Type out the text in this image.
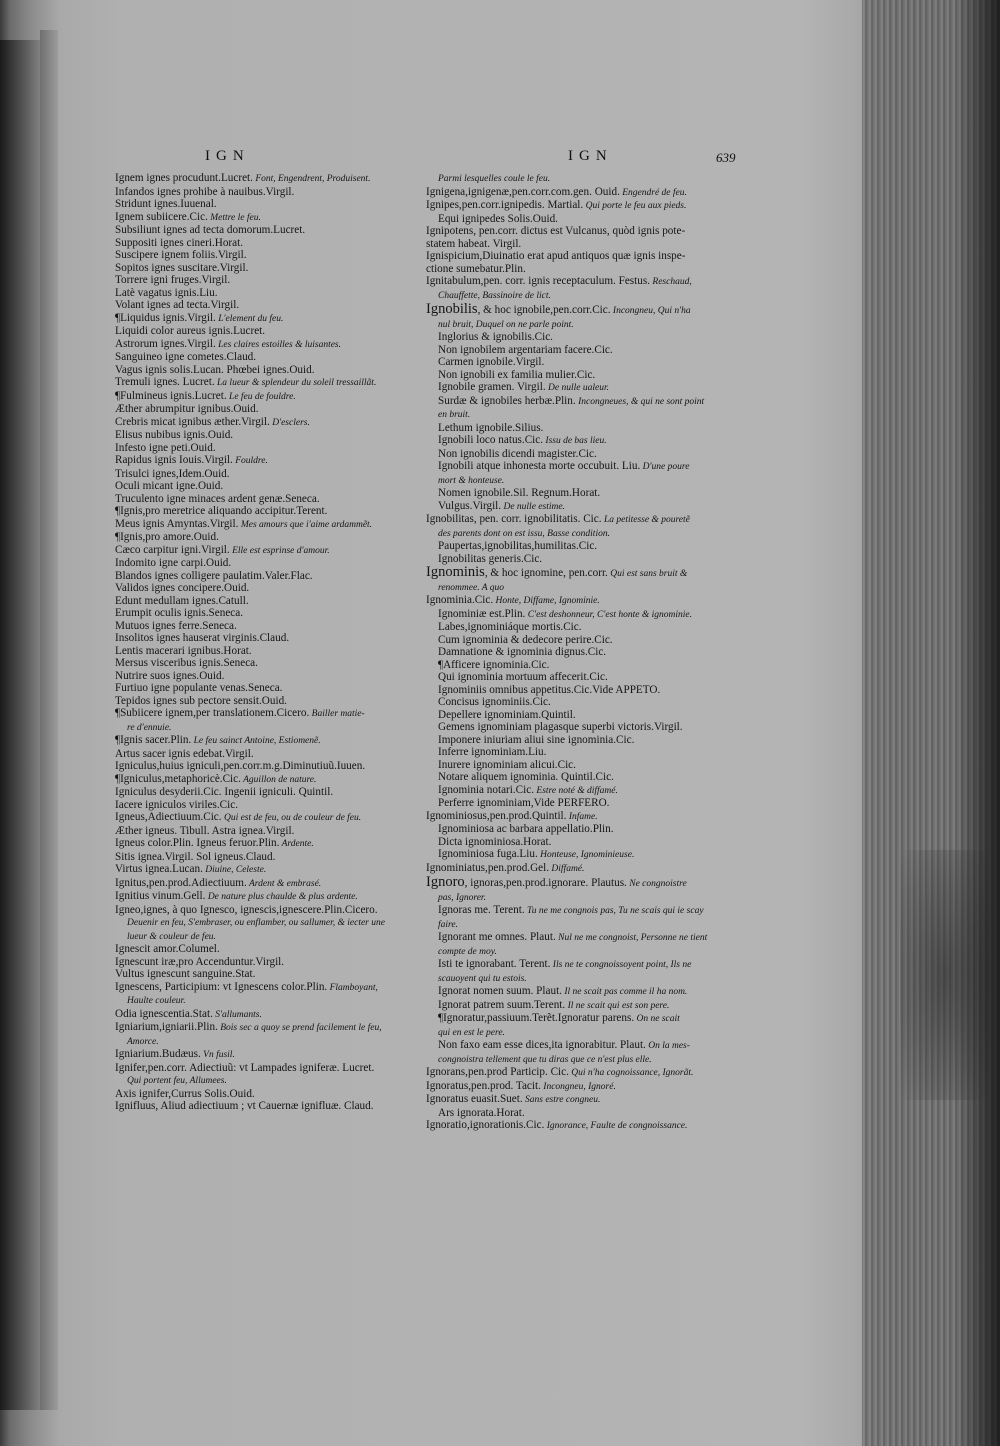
IGN	IGN	639

Ignem ignes procudunt.Lucret. Font, Engendrent, Produisent.

Infandos ignes prohibe à nauibus.Virgil.

Stridunt ignes.Iuuenal.

Ignem subiicere.Cic. Mettre le feu.

Subsiliunt ignes ad tecta domorum.Lucret.

Suppositi ignes cineri.Horat.

Suscipere ignem foliis.Virgil.

Sopitos ignes suscitare.Virgil.

Torrere igni fruges.Virgil.

Latè vagatus ignis.Liu.

Volant ignes ad tecta.Virgil.

¶Liquidus ignis.Virgil. L'element du feu.

Liquidi color aureus ignis.Lucret.

Astrorum ignes.Virgil. Les claires estoilles & luisantes.

Sanguineo igne cometes.Claud.

Vagus ignis solis.Lucan. Phœbei ignes.Ouid.

Tremuli ignes. Lucret. La lueur & splendeur du soleil tressaillãt.

¶Fulmineus ignis.Lucret. Le feu de fouldre.

Æther abrumpitur ignibus.Ouid.

Crebris micat ignibus æther.Virgil. D'esclers.

Elisus nubibus ignis.Ouid.

Infesto igne peti.Ouid.

Rapidus ignis Iouis.Virgil. Fouldre.

Trisulci ignes,Idem.Ouid.

Oculi micant igne.Ouid.

Truculento igne minaces ardent genæ.Seneca.

¶Ignis,pro meretrice aliquando accipitur.Terent.

Meus ignis Amyntas.Virgil. Mes amours que i'aime ardammẽt.

¶Ignis,pro amore.Ouid.

Cæco carpitur igni.Virgil. Elle est esprinse d'amour.

Indomito igne carpi.Ouid.

Blandos ignes colligere paulatim.Valer.Flac.

Validos ignes concipere.Ouid.

Edunt medullam ignes.Catull.

Erumpit oculis ignis.Seneca.

Mutuos ignes ferre.Seneca.

Insolitos ignes hauserat virginis.Claud.

Lentis macerari ignibus.Horat.

Mersus visceribus ignis.Seneca.

Nutrire suos ignes.Ouid.

Furtiuo igne populante venas.Seneca.

Tepidos ignes sub pectore sensit.Ouid.

¶Subiicere ignem,per translationem.Cicero. Bailler matie-

re d'ennuie.

¶Ignis sacer.Plin. Le feu sainct Antoine, Estiomenẽ.

Artus sacer ignis edebat.Virgil.

Igniculus,huius igniculi,pen.corr.m.g.Diminutiuũ.Iuuen.

¶Igniculus,metaphoricè.Cic. Aguillon de nature.

Igniculus desyderii.Cic. Ingenii igniculi. Quintil.

Iacere igniculos viriles.Cic.

Igneus,Adiectiuum.Cic. Qui est de feu, ou de couleur de feu.

Æther igneus. Tibull. Astra ignea.Virgil.

Igneus color.Plin. Igneus feruor.Plin. Ardente.

Sitis ignea.Virgil. Sol igneus.Claud.

Virtus ignea.Lucan. Diuine, Celeste.

Ignitus,pen.prod.Adiectiuum. Ardent & embrasé.

Ignitius vinum.Gell. De nature plus chaulde & plus ardente.

Igneo,ignes, à quo Ignesco, ignescis,ignescere.Plin.Cicero.

Deuenir en feu, S'embraser, ou enflamber, ou sallumer, & iecter une

lueur & couleur de feu.

Ignescit amor.Columel.

Ignescunt iræ,pro Accenduntur.Virgil.

Vultus ignescunt sanguine.Stat.

Ignescens, Participium: vt Ignescens color.Plin. Flamboyant,

Haulte couleur.

Odia ignescentia.Stat. S'allumants.

Igniarium,igniarii.Plin. Bois sec a quoy se prend facilement le feu,

Amorce.

Igniarium.Budæus. Vn fusil.

Ignifer,pen.corr. Adiectiuũ: vt Lampades igniferæ. Lucret.

Qui portent feu, Allumees.

Axis ignifer,Currus Solis.Ouid.

Ignifluus, Aliud adiectiuum ; vt Cauernæ ignifluæ. Claud.

Parmi lesquelles coule le feu.

Ignigena,ignigenæ,pen.corr.com.gen. Ouid. Engendré de feu.

Ignipes,pen.corr.ignipedis. Martial. Qui porte le feu aux pieds.

Equi ignipedes Solis.Ouid.

Ignipotens, pen.corr. dictus est Vulcanus, quòd ignis pote-

statem habeat. Virgil.

Ignispicium,Diuinatio erat apud antiquos quæ ignis inspe-

ctione sumebatur.Plin.

Ignitabulum,pen. corr. ignis receptaculum. Festus. Reschaud,

Chauffette, Bassinoire de lict.

Ignobilis, & hoc ignobile,pen.corr.Cic. Incongneu, Qui n'ha

nul bruit, Duquel on ne parle point.

Inglorius & ignobilis.Cic.

Non ignobilem argentariam facere.Cic.

Carmen ignobile.Virgil.

Non ignobili ex familia mulier.Cic.

Ignobile gramen. Virgil. De nulle ualeur.

Surdæ & ignobiles herbæ.Plin. Incongneues, & qui ne sont point

en bruit.

Lethum ignobile.Silius.

Ignobili loco natus.Cic. Issu de bas lieu.

Non ignobilis dicendi magister.Cic.

Ignobili atque inhonesta morte occubuit. Liu. D'une poure

mort & honteuse.

Nomen ignobile.Sil. Regnum.Horat.

Vulgus.Virgil. De nulle estime.

Ignobilitas, pen. corr. ignobilitatis. Cic. La petitesse & pouretẽ

des parents dont on est issu, Basse condition.

Paupertas,ignobilitas,humilitas.Cic.

Ignobilitas generis.Cic.

Ignominis, & hoc ignomine, pen.corr. Qui est sans bruit &

renommee. A quo

Ignominia.Cic. Honte, Diffame, Ignominie.

Ignominiæ est.Plin. C'est deshonneur, C'est honte & ignominie.

Labes,ignominiáque mortis.Cic.

Cum ignominia & dedecore perire.Cic.

Damnatione & ignominia dignus.Cic.

¶Afficere ignominia.Cic.

Qui ignominia mortuum affecerit.Cic.

Ignominiis omnibus appetitus.Cic.Vide APPETO.

Concisus ignominiis.Cic.

Depellere ignominiam.Quintil.

Gemens ignominiam plagasque superbi victoris.Virgil.

Imponere iniuriam aliui sine ignominia.Cic.

Inferre ignominiam.Liu.

Inurere ignominiam alicui.Cic.

Notare aliquem ignominia. Quintil.Cic.

Ignominia notari.Cic. Estre noté & diffamé.

Perferre ignominiam,Vide PERFERO.

Ignominiosus,pen.prod.Quintil. Infame.

Ignominiosa ac barbara appellatio.Plin.

Dicta ignominiosa.Horat.

Ignominiosa fuga.Liu. Honteuse, Ignominieuse.

Ignominiatus,pen.prod.Gel. Diffamé.

Ignoro, ignoras,pen.prod.ignorare. Plautus. Ne congnoistre

pas, Ignorer.

Ignoras me. Terent. Tu ne me congnois pas, Tu ne scais qui ie scay

faire.

Ignorant me omnes. Plaut. Nul ne me congnoist, Personne ne tient

compte de moy.

Isti te ignorabant. Terent. Ils ne te congnoissoyent point, Ils ne

scauoyent qui tu estois.

Ignorat nomen suum. Plaut. Il ne scait pas comme il ha nom.

Ignorat patrem suum.Terent. Il ne scait qui est son pere.

¶Ignoratur,passiuum.Terẽt.Ignoratur parens. On ne scait

qui en est le pere.

Non faxo eam esse dices,ita ignorabitur. Plaut. On la mes-

congnoistra tellement que tu diras que ce n'est plus elle.

Ignorans,pen.prod Particip. Cic. Qui n'ha cognoissance, Ignorãt.

Ignoratus,pen.prod. Tacit. Incongneu, Ignoré.

Ignoratus euasit.Suet. Sans estre congneu.

Ars ignorata.Horat.

Ignoratio,ignorationis.Cic. Ignorance, Faulte de congnoissance.
